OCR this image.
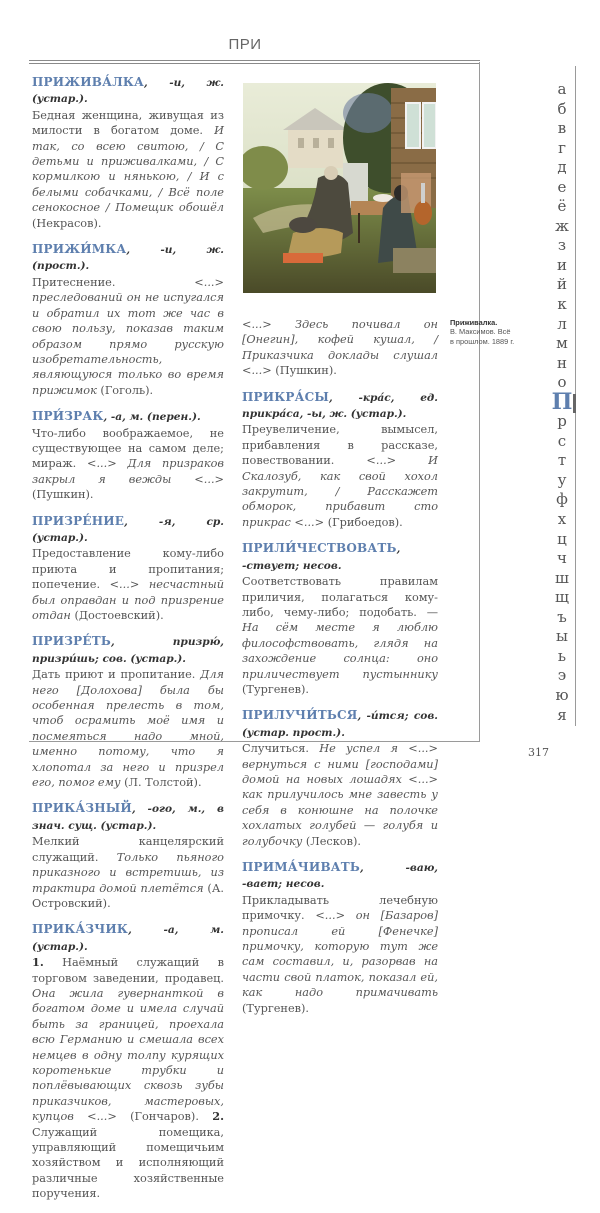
ПРИ

ПРИЖИВА́ЛКА, -и, ж. (устар.).
Бедная женщина, живущая из милости в богатом доме. И так, со всею свитою, / С детьми и приживалками, / С кормилкою и нянькою, / И с белыми собачками, / Всё поле сенокосное / Помещик обошёл (Некрасов).

ПРИЖИ́МКА, -и, ж. (прост.).
Притеснение. <...> преследований он не испугался и обратил их тот же час в свою пользу, показав таким образом прямо русскую изобретательность, являющуюся только во время прижимок (Гоголь).

ПРИ́ЗРАК, -а, м. (перен.).
Что-либо воображаемое, не существующее на самом деле; мираж. <...> Для призраков закрыл я вежды <...> (Пушкин).

ПРИЗРЕ́НИЕ, -я, ср. (устар.).
Предоставление кому-либо приюта и пропитания; попечение. <...> несчастный был оправдан и под призрение отдан (Достоевский).

ПРИЗРЕ́ТЬ, призрю́, призри́шь; сов. (устар.).
Дать приют и пропитание. Для него [Долохова] была бы особенная прелесть в том, чтоб осрамить моё имя и посмеяться надо мной, именно потому, что я хлопотал за него и призрел его, помог ему (Л. Толстой).

ПРИКА́ЗНЫЙ, -ого, м., в знач. сущ. (устар.).
Мелкий канцелярский служащий. Только пьяного приказного и встретишь, из трактира домой плетётся (А. Островский).

ПРИКА́ЗЧИК, -а, м. (устар.).
1. Наёмный служащий в торговом заведении, продавец. Она жила гувернанткой в богатом доме и имела случай быть за границей, проехала всю Германию и смешала всех немцев в одну толпу курящих коротенькие трубки и поплёвывающих сквозь зубы приказчиков, мастеровых, купцов <...> (Гончаров). 2. Служащий помещика, управляющий помещичьим хозяйством и исполняющий различные хозяйственные поручения.

<...> Здесь почивал он [Онегин], кофей кушал, / Приказчика доклады слушал <...> (Пушкин).

ПРИКРА́СЫ, -кра́с, ед. прикра́са, -ы, ж. (устар.).
Преувеличение, вымысел, прибавления в рассказе, повествовании. <...> И Скалозуб, как свой хохол закрутит, / Расскажет обморок, прибавит сто прикрас <...> (Грибоедов).

ПРИЛИ́ЧЕСТВОВАТЬ, -ствует; несов.
Соответствовать правилам приличия, полагаться кому-либо, чему-либо; подобать. — На сём месте я люблю философствовать, глядя на захождение солнца: оно приличествует пустыннику (Тургенев).

ПРИЛУЧИ́ТЬСЯ, -и́тся; сов. (устар. прост.).
Случиться. Не успел я <...> вернуться с ними [господами] домой на новых лошадях <...> как прилучилось мне завесть у себя в конюшне на полочке хохлатых голубей — голубя и голубочку (Лесков).

ПРИМА́ЧИВАТЬ, -ваю, -вает; несов.
Прикладывать лечебную примочку. <...> он [Базаров] прописал ей [Фенечке] примочку, которую тут же сам составил, и, разорвав на части свой платок, показал ей, как надо примачивать (Тургенев).

Приживалка.
В. Максимов. Всё
в прошлом. 1889 г.
а
б
в
г
д
е
ё
ж
з
и
й
к
л
м
н
о
П
р
с
т
у
ф
х
ц
ч
ш
щ
ъ
ы
ь
э
ю
я
317
